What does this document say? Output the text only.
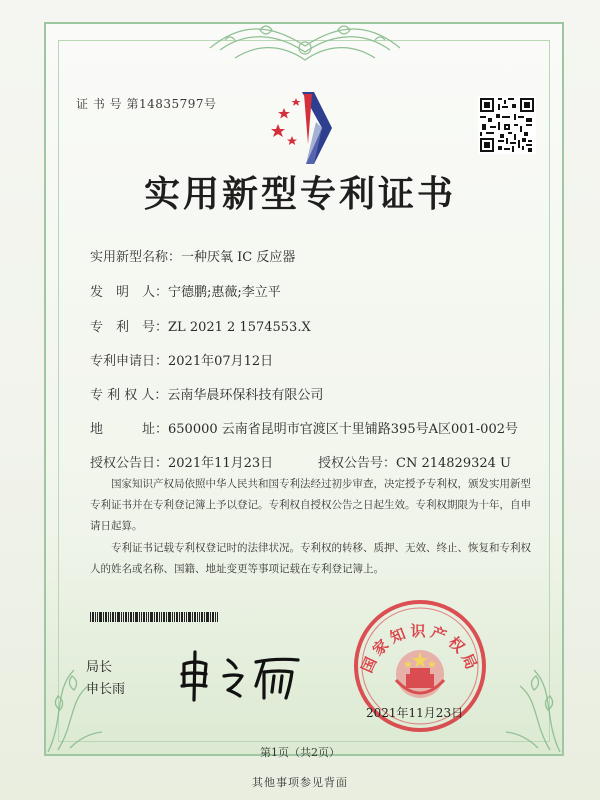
证 书 号 第14835797号
实用新型专利证书
实用新型名称：一种厌氧 IC 反应器
发　明　人：宁德鹏;惠薇;李立平
专　利　号：ZL 2021 2 1574553.X
专利申请日：2021年07月12日
专 利 权 人：云南华晨环保科技有限公司
地　　　址：650000 云南省昆明市官渡区十里铺路395号A区001-002号
授权公告日：2021年11月23日	授权公告号：CN 214829324 U
国家知识产权局依照中华人民共和国专利法经过初步审查，决定授予专利权，颁发实用新型专利证书并在专利登记簿上予以登记。专利权自授权公告之日起生效。专利权期限为十年，自申请日起算。
专利证书记载专利权登记时的法律状况。专利权的转移、质押、无效、终止、恢复和专利权人的姓名或名称、国籍、地址变更等事项记载在专利登记簿上。
局长
申长雨
国家知识产权局
2021年11月23日
第1页（共2页）
其他事项参见背面
